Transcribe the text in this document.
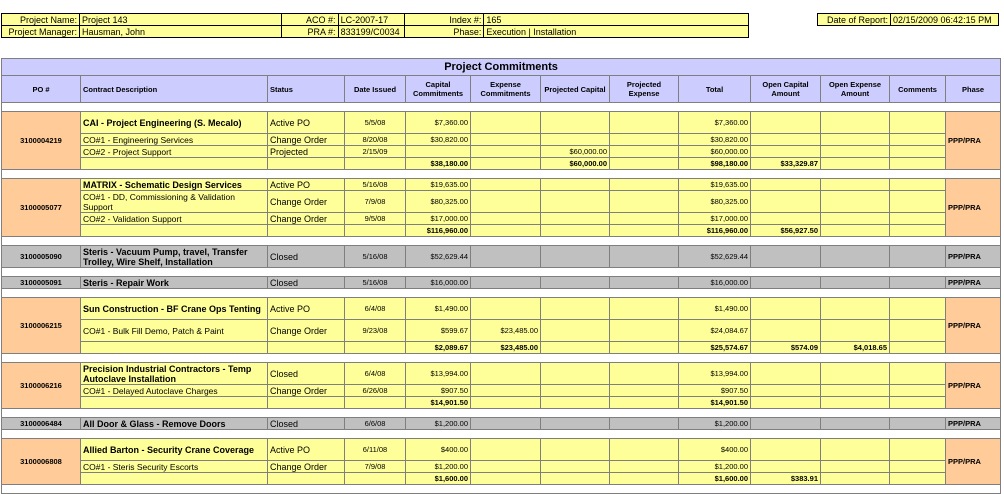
Project Name:	Project 143	ACO #:	LC-2007-17	Index #:	165
Project Manager:	Hausman, John	PRA #:	833199/C0034	Phase:	Execution | Installation
Date of Report:	02/15/2009 06:42:15 PM
Project Commitments												
PO #	Contract Description	Status	Date Issued	Capital Commitments	Expense Commitments	Projected Capital	Projected Expense	Total	Open Capital Amount	Open Expense Amount	Comments	Phase

3100004219	CAI - Project Engineering (S. Mecalo)	Active PO	5/5/08	$7,360.00				$7,360.00				PPP/PRA
	CO#1 - Engineering Services	Change Order	8/20/08	$30,820.00				$30,820.00				
	CO#2 - Project Support	Projected	2/15/09			$60,000.00		$60,000.00				
				$38,180.00		$60,000.00		$98,180.00	$33,329.87			

3100005077	MATRIX - Schematic Design Services	Active PO	5/16/08	$19,635.00				$19,635.00				PPP/PRA
	CO#1 - DD, Commissioning & Validation Support	Change Order	7/9/08	$80,325.00				$80,325.00				
	CO#2 - Validation Support	Change Order	9/5/08	$17,000.00				$17,000.00				
				$116,960.00				$116,960.00	$56,927.50			

3100005090	Steris - Vacuum Pump, travel, Transfer Trolley, Wire Shelf, Installation	Closed	5/16/08	$52,629.44				$52,629.44				PPP/PRA

3100005091	Steris - Repair Work	Closed	5/16/08	$16,000.00				$16,000.00				PPP/PRA

3100006215	Sun Construction - BF Crane Ops Tenting	Active PO	6/4/08	$1,490.00				$1,490.00				PPP/PRA
	CO#1 - Bulk Fill Demo, Patch & Paint	Change Order	9/23/08	$599.67	$23,485.00			$24,084.67				
				$2,089.67	$23,485.00			$25,574.67	$574.09	$4,018.65		

3100006216	Precision Industrial Contractors - Temp Autoclave Installation	Closed	6/4/08	$13,994.00				$13,994.00				PPP/PRA
	CO#1 - Delayed Autoclave Charges	Change Order	6/26/08	$907.50				$907.50				
				$14,901.50				$14,901.50				

3100006484	All Door & Glass - Remove Doors	Closed	6/6/08	$1,200.00				$1,200.00				PPP/PRA

3100006808	Allied Barton - Security Crane Coverage	Active PO	6/11/08	$400.00				$400.00				PPP/PRA
	CO#1 - Steris Security Escorts	Change Order	7/9/08	$1,200.00				$1,200.00				
				$1,600.00				$1,600.00	$383.91			
